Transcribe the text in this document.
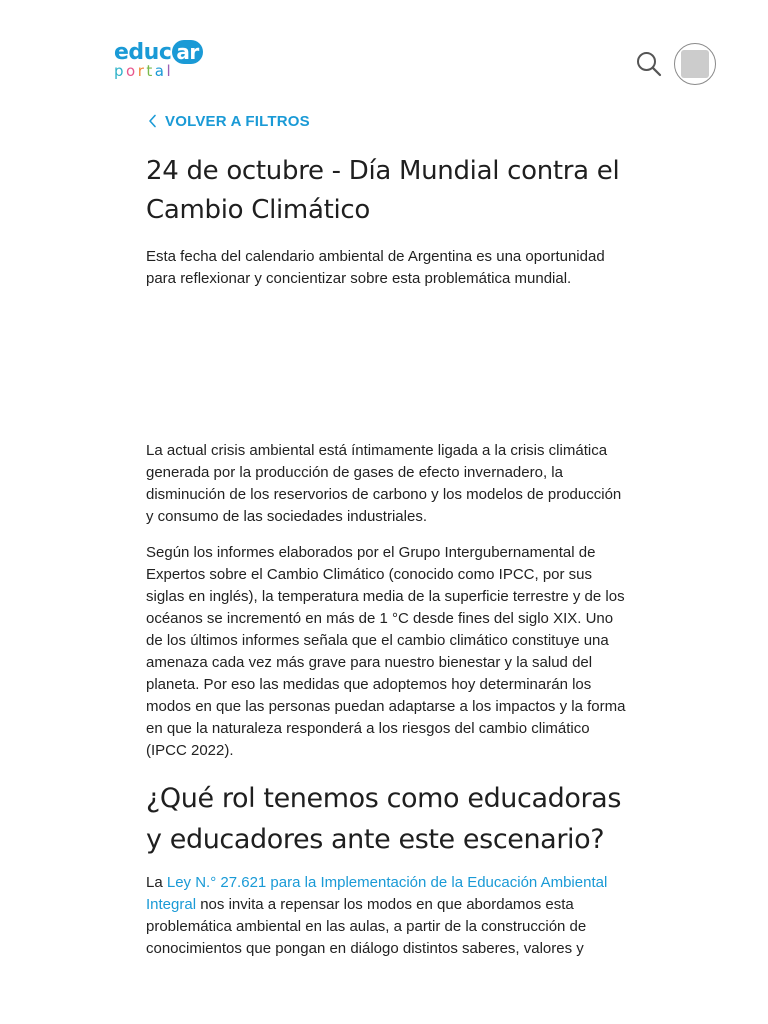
educ ar
portal
VOLVER A FILTROS
24 de octubre - Día Mundial contra el Cambio Climático

Esta fecha del calendario ambiental de Argentina es una oportunidad para reflexionar y concientizar sobre esta problemática mundial.

La actual crisis ambiental está íntimamente ligada a la crisis climática generada por la producción de gases de efecto invernadero, la disminución de los reservorios de carbono y los modelos de producción y consumo de las sociedades industriales.

Según los informes elaborados por el Grupo Intergubernamental de Expertos sobre el Cambio Climático (conocido como IPCC, por sus siglas en inglés), la temperatura media de la superficie terrestre y de los océanos se incrementó en más de 1 °C desde fines del siglo XIX. Uno de los últimos informes señala que el cambio climático constituye una amenaza cada vez más grave para nuestro bienestar y la salud del planeta. Por eso las medidas que adoptemos hoy determinarán los modos en que las personas puedan adaptarse a los impactos y la forma en que la naturaleza responderá a los riesgos del cambio climático (IPCC 2022).

¿Qué rol tenemos como educadoras y educadores ante este escenario?

La Ley N.° 27.621 para la Implementación de la Educación Ambiental Integral nos invita a repensar los modos en que abordamos esta problemática ambiental en las aulas, a partir de la construcción de conocimientos que pongan en diálogo distintos saberes, valores y
